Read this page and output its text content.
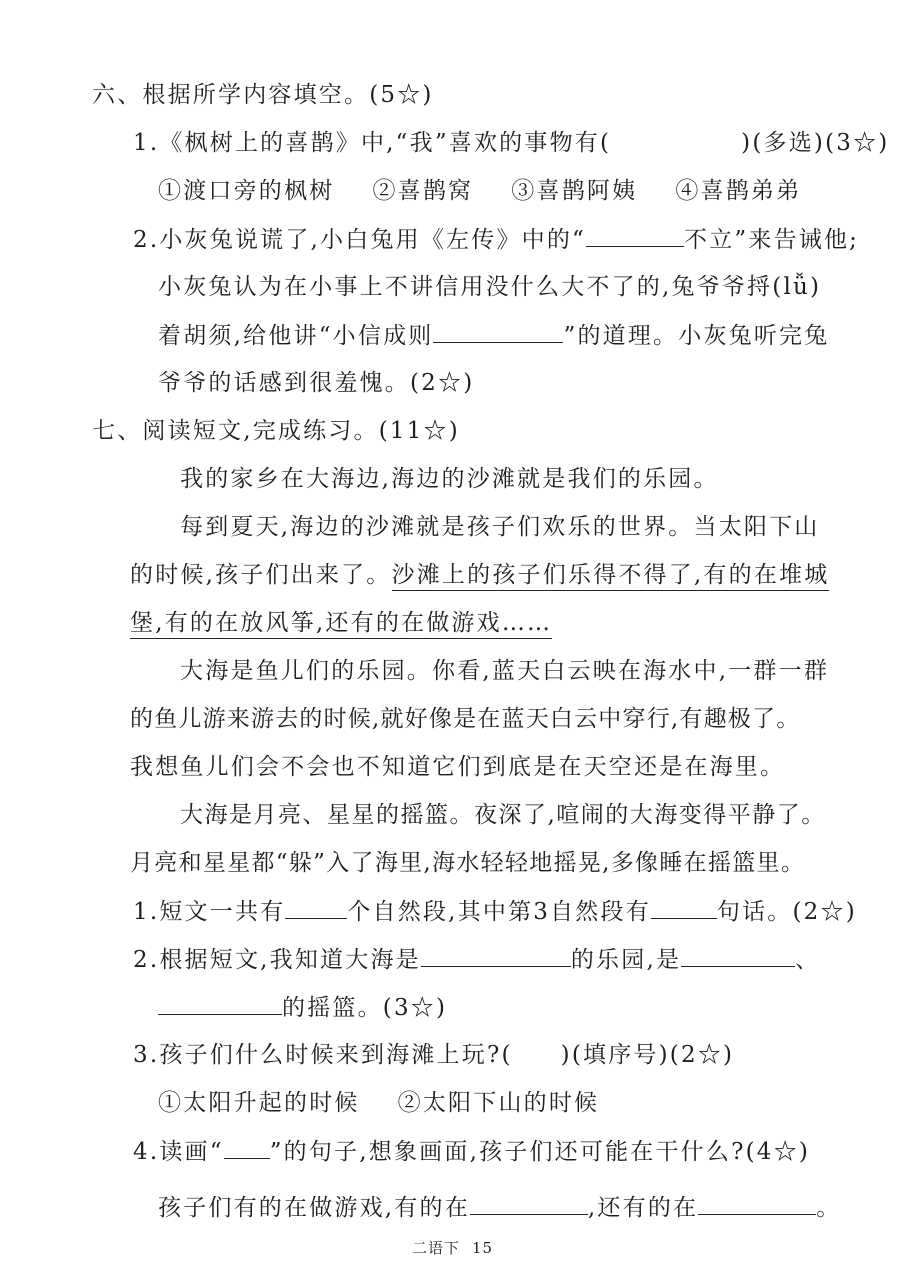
六、根据所学内容填空。(5☆)
1.《枫树上的喜鹊》中,“我”喜欢的事物有(	)(多选)(3☆)
①渡口旁的枫树    ②喜鹊窝    ③喜鹊阿姨    ④喜鹊弟弟
2.小灰兔说谎了,小白兔用《左传》中的“	不立”来告诫他;
小灰兔认为在小事上不讲信用没什么大不了的,兔爷爷捋(lǚ)
着胡须,给他讲“小信成则	”的道理。小灰兔听完兔
爷爷的话感到很羞愧。(2☆)
七、阅读短文,完成练习。(11☆)
我的家乡在大海边,海边的沙滩就是我们的乐园。
每到夏天,海边的沙滩就是孩子们欢乐的世界。当太阳下山
的时候,孩子们出来了。沙滩上的孩子们乐得不得了,有的在堆城
堡,有的在放风筝,还有的在做游戏……
大海是鱼儿们的乐园。你看,蓝天白云映在海水中,一群一群
的鱼儿游来游去的时候,就好像是在蓝天白云中穿行,有趣极了。
我想鱼儿们会不会也不知道它们到底是在天空还是在海里。
大海是月亮、星星的摇篮。夜深了,喧闹的大海变得平静了。
月亮和星星都“躲”入了海里,海水轻轻地摇晃,多像睡在摇篮里。
1.短文一共有	个自然段,其中第3自然段有	句话。(2☆)
2.根据短文,我知道大海是	的乐园,是	、
的摇篮。(3☆)
3.孩子们什么时候来到海滩上玩?( )(填序号)(2☆)
①太阳升起的时候    ②太阳下山的时候
4.读画“ ”的句子,想象画面,孩子们还可能在干什么?(4☆)
孩子们有的在做游戏,有的在	,还有的在	。
二语下 15
